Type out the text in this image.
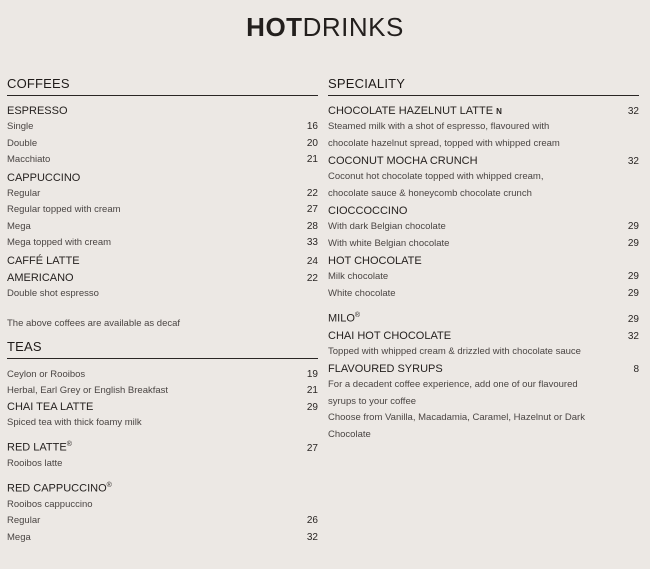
HOTDRINKS
COFFEES
ESPRESSO
Single	16
Double	20
Macchiato	21
CAPPUCCINO
Regular	22
Regular topped with cream	27
Mega	28
Mega topped with cream	33
CAFFÉ LATTE	24
AMERICANO	22
Double shot espresso
The above coffees are available as decaf
TEAS
Ceylon or Rooibos	19
Herbal, Earl Grey or English Breakfast	21
CHAI TEA LATTE	29
Spiced tea with thick foamy milk
RED LATTE®	27
Rooibos latte
RED CAPPUCCINO®
Rooibos cappuccino
Regular	26
Mega	32
SPECIALITY
CHOCOLATE HAZELNUT LATTE N	32
Steamed milk with a shot of espresso, flavoured with
chocolate hazelnut spread, topped with whipped cream
COCONUT MOCHA CRUNCH	32
Coconut hot chocolate topped with whipped cream,
chocolate sauce & honeycomb chocolate crunch
CIOCCOCCINO
With dark Belgian chocolate	29
With white Belgian chocolate	29
HOT CHOCOLATE
Milk chocolate	29
White chocolate	29
MILO®	29
CHAI HOT CHOCOLATE	32
Topped with whipped cream & drizzled with chocolate sauce
FLAVOURED SYRUPS	8
For a decadent coffee experience, add one of our flavoured
syrups to your coffee
Choose from Vanilla, Macadamia, Caramel, Hazelnut or Dark
Chocolate
